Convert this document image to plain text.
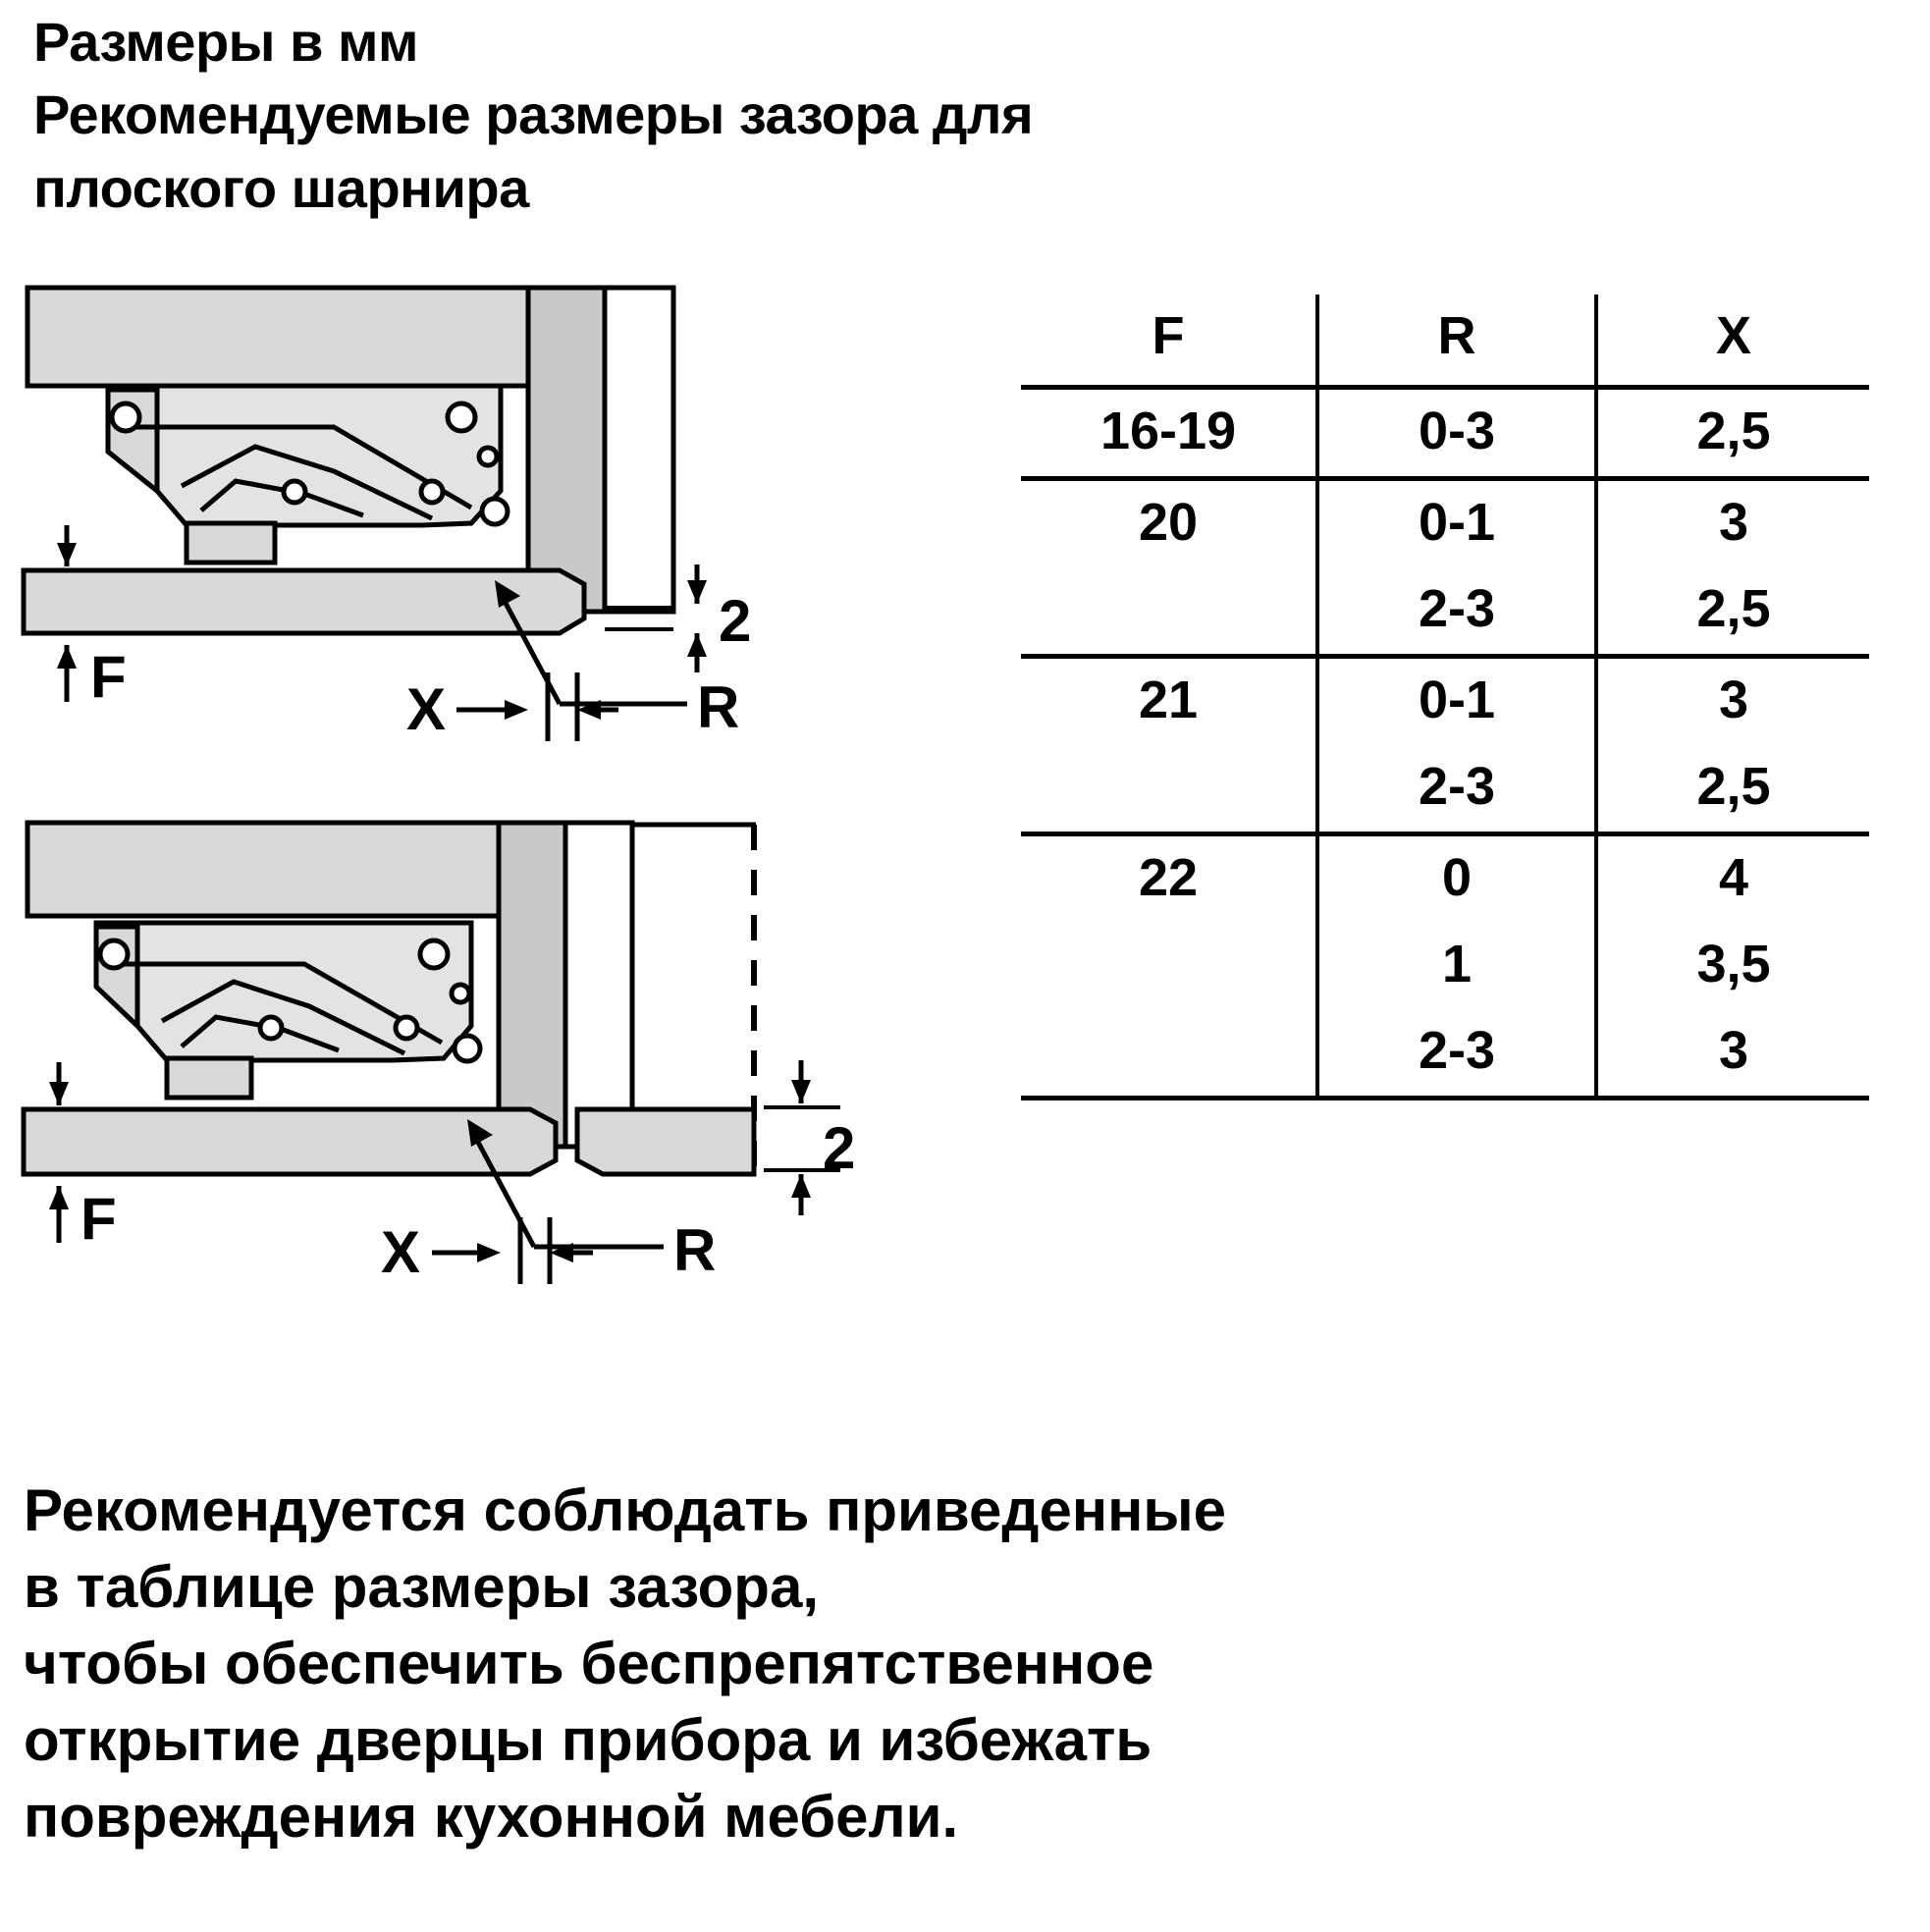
Размеры в мм
Рекомендуемые размеры зазора для
плоского шарнира
2
F	X	R
2
F
X	R
F	R	X
16-19	0-3	2,5
20	0-1	3
	2-3	2,5
21	0-1	3
	2-3	2,5
22	0	4
	1	3,5
	2-3	3
Рекомендуется соблюдать приведенные
в таблице размеры зазора,
чтобы обеспечить беспрепятственное
открытие дверцы прибора и избежать
повреждения кухонной мебели.
